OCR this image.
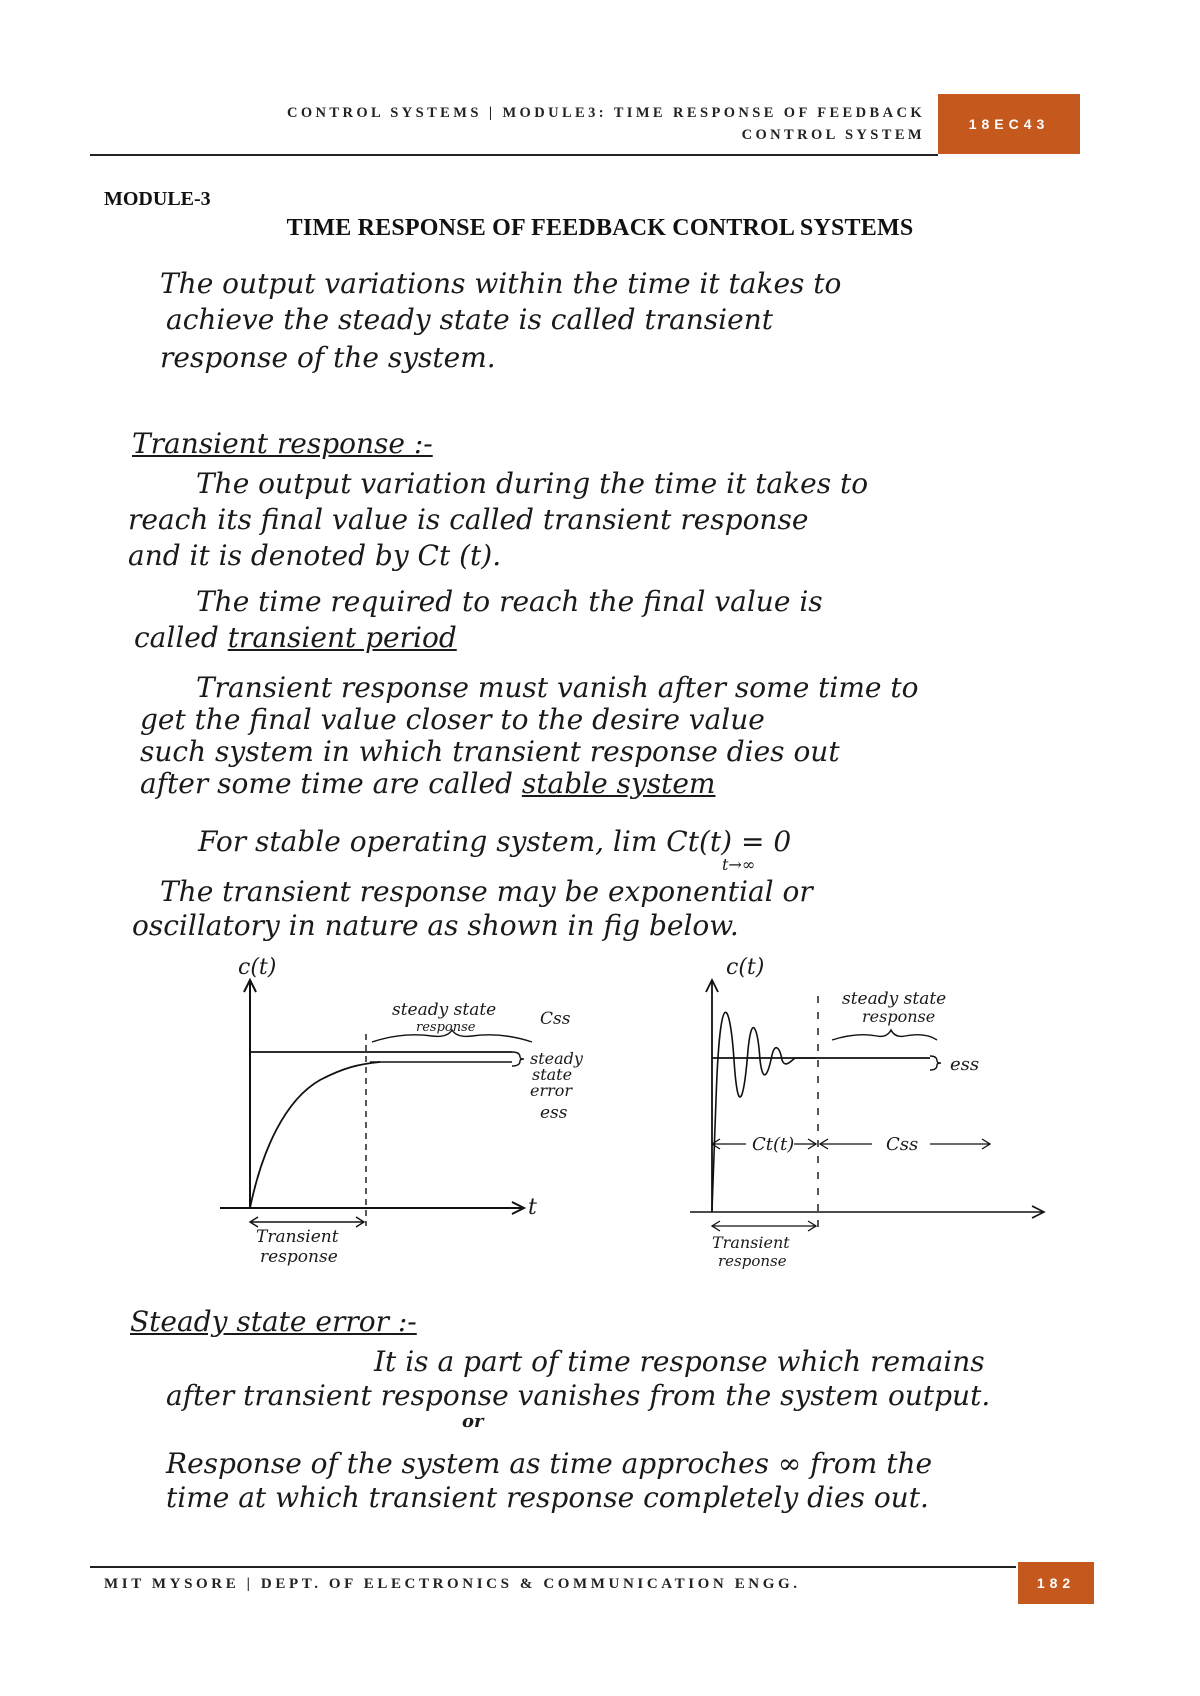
CONTROL SYSTEMS | MODULE3: TIME RESPONSE OF FEEDBACK
CONTROL SYSTEM
18EC43
MODULE-3
TIME RESPONSE OF FEEDBACK CONTROL SYSTEMS
The output variations within the time it takes to
achieve the steady state is called transient
response of the system.
Transient response :-
The output variation during the time it takes to
reach its final value is called transient response
and it is denoted by Ct (t).
The time required to reach the final value is
called transient period
Transient response must vanish after some time to
get the final value closer to the desire value
such system in which transient response dies out
after some time are called stable system
For stable operating system, lim Ct(t) = 0
t→∞
The transient response may be exponential or
oscillatory in nature as shown in fig below.
c(t)
t
steady state
response	Css
steady
state
error
ess
Transient
response
c(t)
steady state
response
ess
Ct(t)	Css
Transient
response
Steady state error :-
It is a part of time response which remains
after transient response vanishes from the system output.
or
Response of the system as time approches ∞ from the
time at which transient response completely dies out.
MIT MYSORE | DEPT. OF ELECTRONICS & COMMUNICATION ENGG.	182
